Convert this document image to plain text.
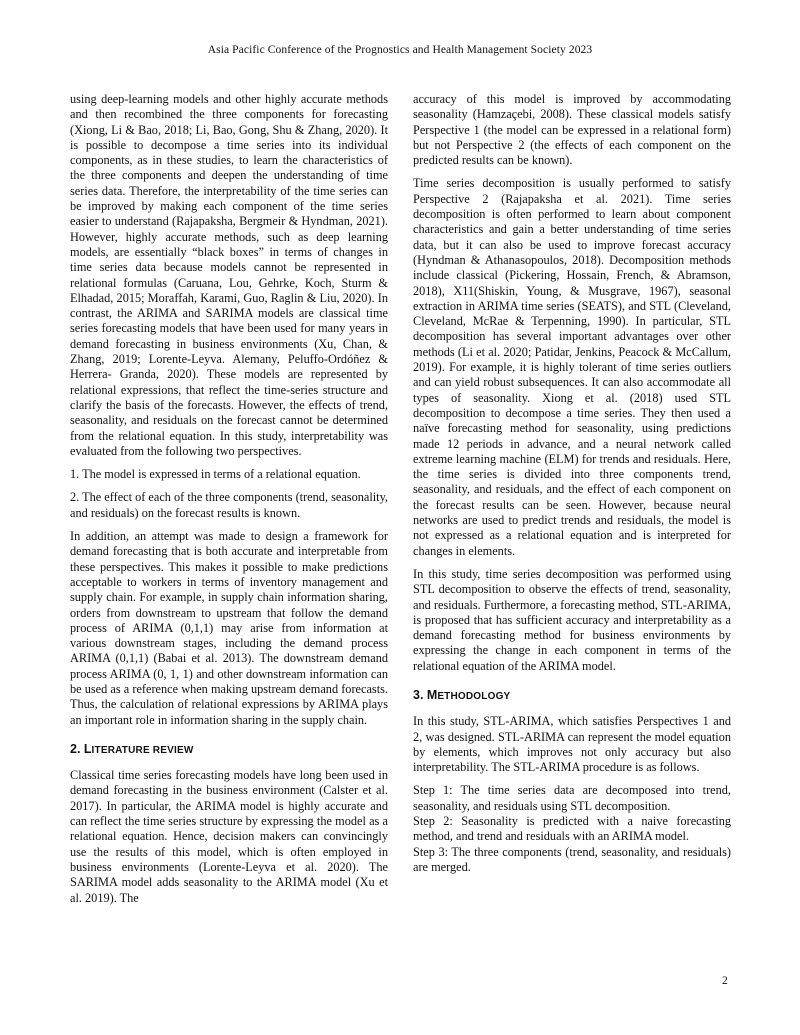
Asia Pacific Conference of the Prognostics and Health Management Society 2023

using deep-learning models and other highly accurate methods and then recombined the three components for forecasting (Xiong, Li & Bao, 2018; Li, Bao, Gong, Shu & Zhang, 2020). It is possible to decompose a time series into its individual components, as in these studies, to learn the characteristics of the three components and deepen the understanding of time series data. Therefore, the interpretability of the time series can be improved by making each component of the time series easier to understand (Rajapaksha, Bergmeir & Hyndman, 2021). However, highly accurate methods, such as deep learning models, are essentially “black boxes” in terms of changes in time series data because models cannot be represented in relational formulas (Caruana, Lou, Gehrke, Koch, Sturm & Elhadad, 2015; Moraffah, Karami, Guo, Raglin & Liu, 2020). In contrast, the ARIMA and SARIMA models are classical time series forecasting models that have been used for many years in demand forecasting in business environments (Xu, Chan, & Zhang, 2019; Lorente-Leyva. Alemany, Peluffo-Ordóñez & Herrera- Granda, 2020). These models are represented by relational expressions, that reflect the time-series structure and clarify the basis of the forecasts. However, the effects of trend, seasonality, and residuals on the forecast cannot be determined from the relational equation. In this study, interpretability was evaluated from the following two perspectives.

1. The model is expressed in terms of a relational equation.

2. The effect of each of the three components (trend, seasonality, and residuals) on the forecast results is known.

In addition, an attempt was made to design a framework for demand forecasting that is both accurate and interpretable from these perspectives. This makes it possible to make predictions acceptable to workers in terms of inventory management and supply chain. For example, in supply chain information sharing, orders from downstream to upstream that follow the demand process of ARIMA (0,1,1) may arise from information at various downstream stages, including the demand process ARIMA (0,1,1) (Babai et al. 2013). The downstream demand process ARIMA (0, 1, 1) and other downstream information can be used as a reference when making upstream demand forecasts. Thus, the calculation of relational expressions by ARIMA plays an important role in information sharing in the supply chain.

2. LITERATURE REVIEW

Classical time series forecasting models have long been used in demand forecasting in the business environment (Calster et al. 2017). In particular, the ARIMA model is highly accurate and can reflect the time series structure by expressing the model as a relational equation. Hence, decision makers can convincingly use the results of this model, which is often employed in business environments (Lorente-Leyva et al. 2020). The SARIMA model adds seasonality to the ARIMA model (Xu et al. 2019). The

accuracy of this model is improved by accommodating seasonality (Hamzaçebi, 2008). These classical models satisfy Perspective 1 (the model can be expressed in a relational form) but not Perspective 2 (the effects of each component on the predicted results can be known).

Time series decomposition is usually performed to satisfy Perspective 2 (Rajapaksha et al. 2021). Time series decomposition is often performed to learn about component characteristics and gain a better understanding of time series data, but it can also be used to improve forecast accuracy (Hyndman & Athanasopoulos, 2018). Decomposition methods include classical (Pickering, Hossain, French, & Abramson, 2018), X11(Shiskin, Young, & Musgrave, 1967), seasonal extraction in ARIMA time series (SEATS), and STL (Cleveland, Cleveland, McRae & Terpenning, 1990). In particular, STL decomposition has several important advantages over other methods (Li et al. 2020; Patidar, Jenkins, Peacock & McCallum, 2019). For example, it is highly tolerant of time series outliers and can yield robust subsequences. It can also accommodate all types of seasonality. Xiong et al. (2018) used STL decomposition to decompose a time series. They then used a naïve forecasting method for seasonality, using predictions made 12 periods in advance, and a neural network called extreme learning machine (ELM) for trends and residuals. Here, the time series is divided into three components trend, seasonality, and residuals, and the effect of each component on the forecast results can be seen. However, because neural networks are used to predict trends and residuals, the model is not expressed as a relational equation and is interpreted for changes in elements.

In this study, time series decomposition was performed using STL decomposition to observe the effects of trend, seasonality, and residuals. Furthermore, a forecasting method, STL-ARIMA, is proposed that has sufficient accuracy and interpretability as a demand forecasting method for business environments by expressing the change in each component in terms of the relational equation of the ARIMA model.

3. METHODOLOGY

In this study, STL-ARIMA, which satisfies Perspectives 1 and 2, was designed. STL-ARIMA can represent the model equation by elements, which improves not only accuracy but also interpretability. The STL-ARIMA procedure is as follows.

Step 1: The time series data are decomposed into trend, seasonality, and residuals using STL decomposition.

Step 2: Seasonality is predicted with a naive forecasting method, and trend and residuals with an ARIMA model.

Step 3: The three components (trend, seasonality, and residuals) are merged.

2
